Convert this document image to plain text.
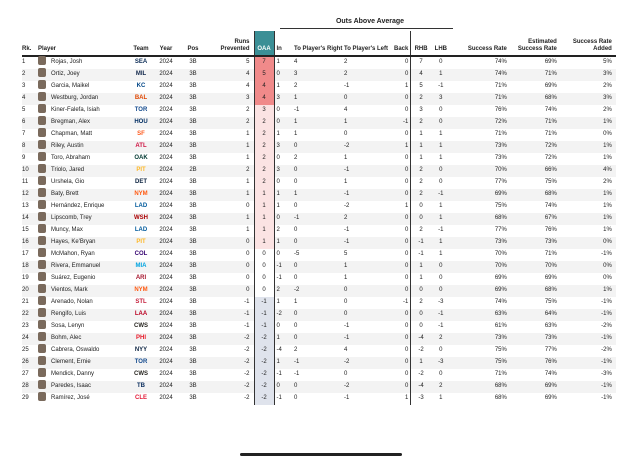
Outs Above Average
Rk.	Player	Team	Year	Pos	Runs Prevented	OAA	In	To Player's Right	To Player's Left	Back	RHB	LHB	Success Rate	Estimated Success Rate	Success Rate Added
1	Rojas, Josh	SEA	2024	3B	5	7	1	4	2	0	7	0	74%	69%	5%
2	Ortiz, Joey	MIL	2024	3B	4	5	0	3	2	0	4	1	74%	71%	3%
3	Garcia, Maikel	KC	2024	3B	4	4	1	2	-1	1	5	-1	71%	69%	2%
4	Westburg, Jordan	BAL	2024	3B	3	4	3	1	0	0	2	3	71%	68%	3%
5	Kiner-Falefa, Isiah	TOR	2024	3B	2	3	0	-1	4	0	3	0	76%	74%	2%
6	Bregman, Alex	HOU	2024	3B	2	2	0	1	1	-1	2	0	72%	71%	1%
7	Chapman, Matt	SF	2024	3B	1	2	1	1	0	0	1	1	71%	71%	0%
8	Riley, Austin	ATL	2024	3B	1	2	3	0	-2	1	1	1	73%	72%	1%
9	Toro, Abraham	OAK	2024	3B	1	2	0	2	1	0	1	1	73%	72%	1%
10	Triolo, Jared	PIT	2024	2B	2	2	3	0	-1	0	2	0	70%	66%	4%
11	Urshela, Gio	DET	2024	3B	1	2	0	0	1	0	2	0	77%	75%	2%
12	Baty, Brett	NYM	2024	3B	1	1	1	1	-1	0	2	-1	69%	68%	1%
13	Hernández, Enrique	LAD	2024	3B	0	1	1	0	-2	1	0	1	75%	74%	1%
14	Lipscomb, Trey	WSH	2024	3B	1	1	0	-1	2	0	0	1	68%	67%	1%
15	Muncy, Max	LAD	2024	3B	1	1	2	0	-1	0	2	-1	77%	76%	1%
16	Hayes, Ke'Bryan	PIT	2024	3B	0	1	1	0	-1	0	-1	1	73%	73%	0%
17	McMahon, Ryan	COL	2024	3B	0	0	0	-5	5	0	-1	1	70%	71%	-1%
18	Rivera, Emmanuel	MIA	2024	3B	0	0	-1	0	1	0	1	0	70%	70%	0%
19	Suárez, Eugenio	ARI	2024	3B	0	0	-1	0	1	0	1	0	69%	69%	0%
20	Vientos, Mark	NYM	2024	3B	0	0	2	-2	0	0	0	0	69%	68%	1%
21	Arenado, Nolan	STL	2024	3B	-1	-1	1	1	0	-1	2	-3	74%	75%	-1%
22	Rengifo, Luis	LAA	2024	3B	-1	-1	-2	0	0	0	0	-1	63%	64%	-1%
23	Sosa, Lenyn	CWS	2024	3B	-1	-1	0	0	-1	0	0	-1	61%	63%	-2%
24	Bohm, Alec	PHI	2024	3B	-2	-2	1	0	-1	0	-4	2	73%	73%	-1%
25	Cabrera, Oswaldo	NYY	2024	3B	-2	-2	-4	2	4	0	-2	0	75%	77%	-2%
26	Clement, Ernie	TOR	2024	3B	-2	-2	1	-1	-2	0	1	-3	75%	76%	-1%
27	Mendick, Danny	CWS	2024	3B	-2	-2	-1	-1	0	0	-2	0	71%	74%	-3%
28	Paredes, Isaac	TB	2024	3B	-2	-2	0	0	-2	0	-4	2	68%	69%	-1%
29	Ramírez, José	CLE	2024	3B	-2	-2	-1	0	-1	1	-3	1	68%	69%	-1%
